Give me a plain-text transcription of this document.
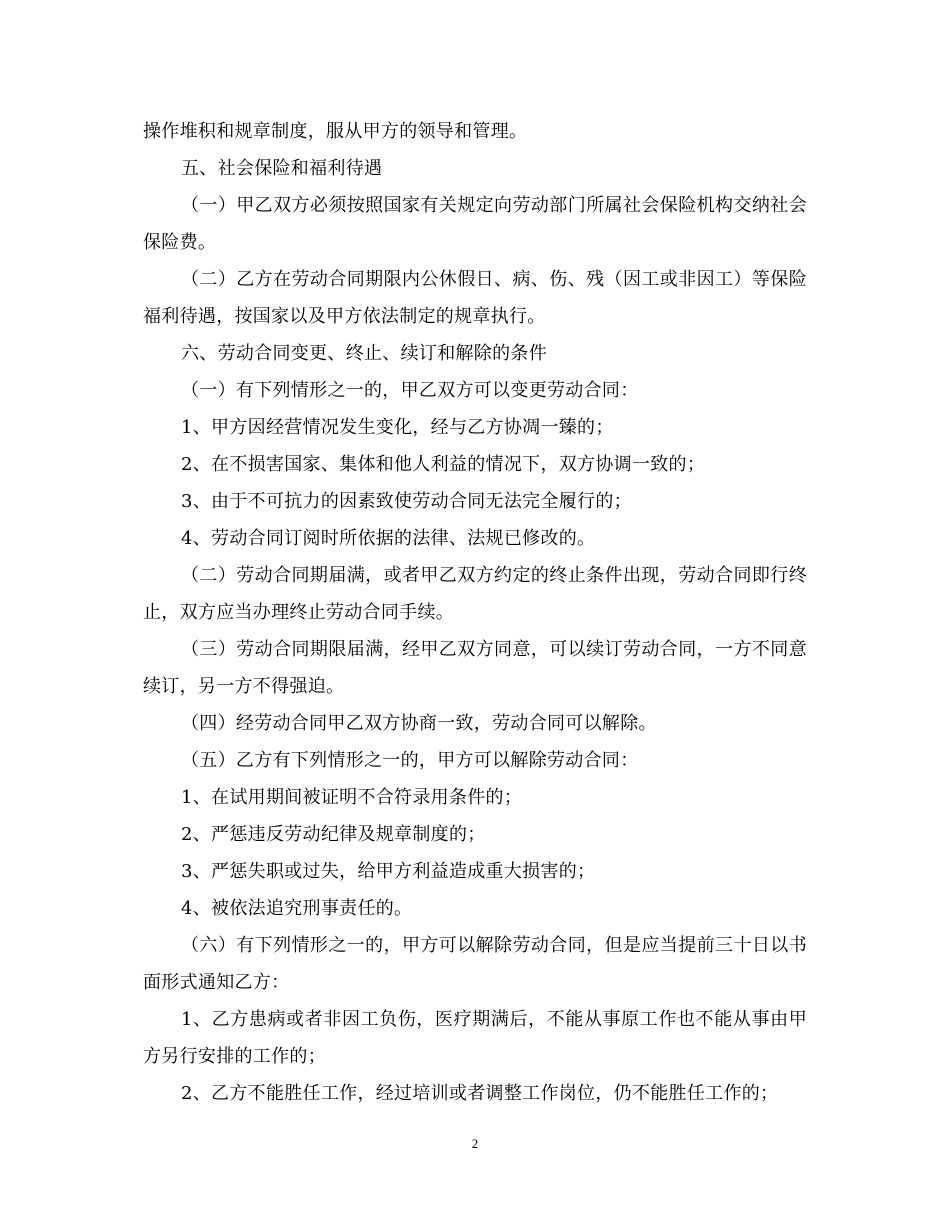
操作堆积和规章制度，服从甲方的领导和管理。

五、社会保险和福利待遇

（一）甲乙双方必须按照国家有关规定向劳动部门所属社会保险机构交纳社会保险费。

（二）乙方在劳动合同期限内公休假日、病、伤、残（因工或非因工）等保险福利待遇，按国家以及甲方依法制定的规章执行。

六、劳动合同变更、终止、续订和解除的条件

（一）有下列情形之一的，甲乙双方可以变更劳动合同：

1、甲方因经营情况发生变化，经与乙方协凋一臻的；

2、在不损害国家、集体和他人利益的情况下，双方协调一致的；

3、由于不可抗力的因素致使劳动合同无法完全履行的；

4、劳动合同订阅时所依据的法律、法规已修改的。

（二）劳动合同期届满，或者甲乙双方约定的终止条件出现，劳动合同即行终止，双方应当办理终止劳动合同手续。

（三）劳动合同期限届满，经甲乙双方同意，可以续订劳动合同，一方不同意续订，另一方不得强迫。

（四）经劳动合同甲乙双方协商一致，劳动合同可以解除。

（五）乙方有下列情形之一的，甲方可以解除劳动合同：

1、在试用期间被证明不合符录用条件的；

2、严惩违反劳动纪律及规章制度的；

3、严惩失职或过失，给甲方利益造成重大损害的；

4、被依法追究刑事责任的。

（六）有下列情形之一的，甲方可以解除劳动合同，但是应当提前三十日以书面形式通知乙方：

1、乙方患病或者非因工负伤，医疗期满后，不能从事原工作也不能从事由甲方另行安排的工作的；

2、乙方不能胜任工作，经过培训或者调整工作岗位，仍不能胜任工作的；

2
